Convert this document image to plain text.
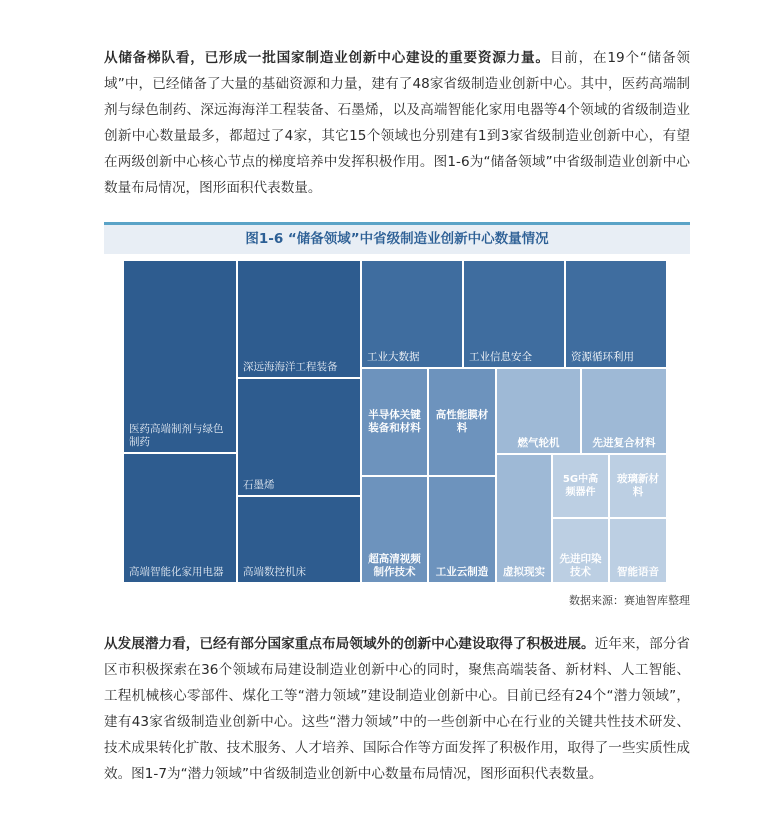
从储备梯队看，已形成一批国家制造业创新中心建设的重要资源力量。目前，在19个“储备领域”中，已经储备了大量的基础资源和力量，建有了48家省级制造业创新中心。其中，医药高端制剂与绿色制药、深远海海洋工程装备、石墨烯，以及高端智能化家用电器等4个领域的省级制造业创新中心数量最多，都超过了4家，其它15个领域也分别建有1到3家省级制造业创新中心，有望在两级创新中心核心节点的梯度培养中发挥积极作用。图1-6为“储备领域”中省级制造业创新中心数量布局情况，图形面积代表数量。

图1-6 “储备领域”中省级制造业创新中心数量情况
医药高端制剂与绿色制药
高端智能化家用电器
深远海海洋工程装备
石墨烯
高端数控机床
工业大数据	工业信息安全	资源循环利用
半导体关键装备和材料
高性能膜材料
燃气轮机	先进复合材料
超高清视频制作技术	工业云制造 虚拟现实
5G中高频器件
玻璃新材料
先进印染技术	智能语音
数据来源：赛迪智库整理

从发展潜力看，已经有部分国家重点布局领域外的创新中心建设取得了积极进展。近年来，部分省区市积极探索在36个领域布局建设制造业创新中心的同时，聚焦高端装备、新材料、人工智能、工程机械核心零部件、煤化工等“潜力领域”建设制造业创新中心。目前已经有24个“潜力领域”，建有43家省级制造业创新中心。这些“潜力领域”中的一些创新中心在行业的关键共性技术研发、技术成果转化扩散、技术服务、人才培养、国际合作等方面发挥了积极作用，取得了一些实质性成效。图1-7为“潜力领域”中省级制造业创新中心数量布局情况，图形面积代表数量。
